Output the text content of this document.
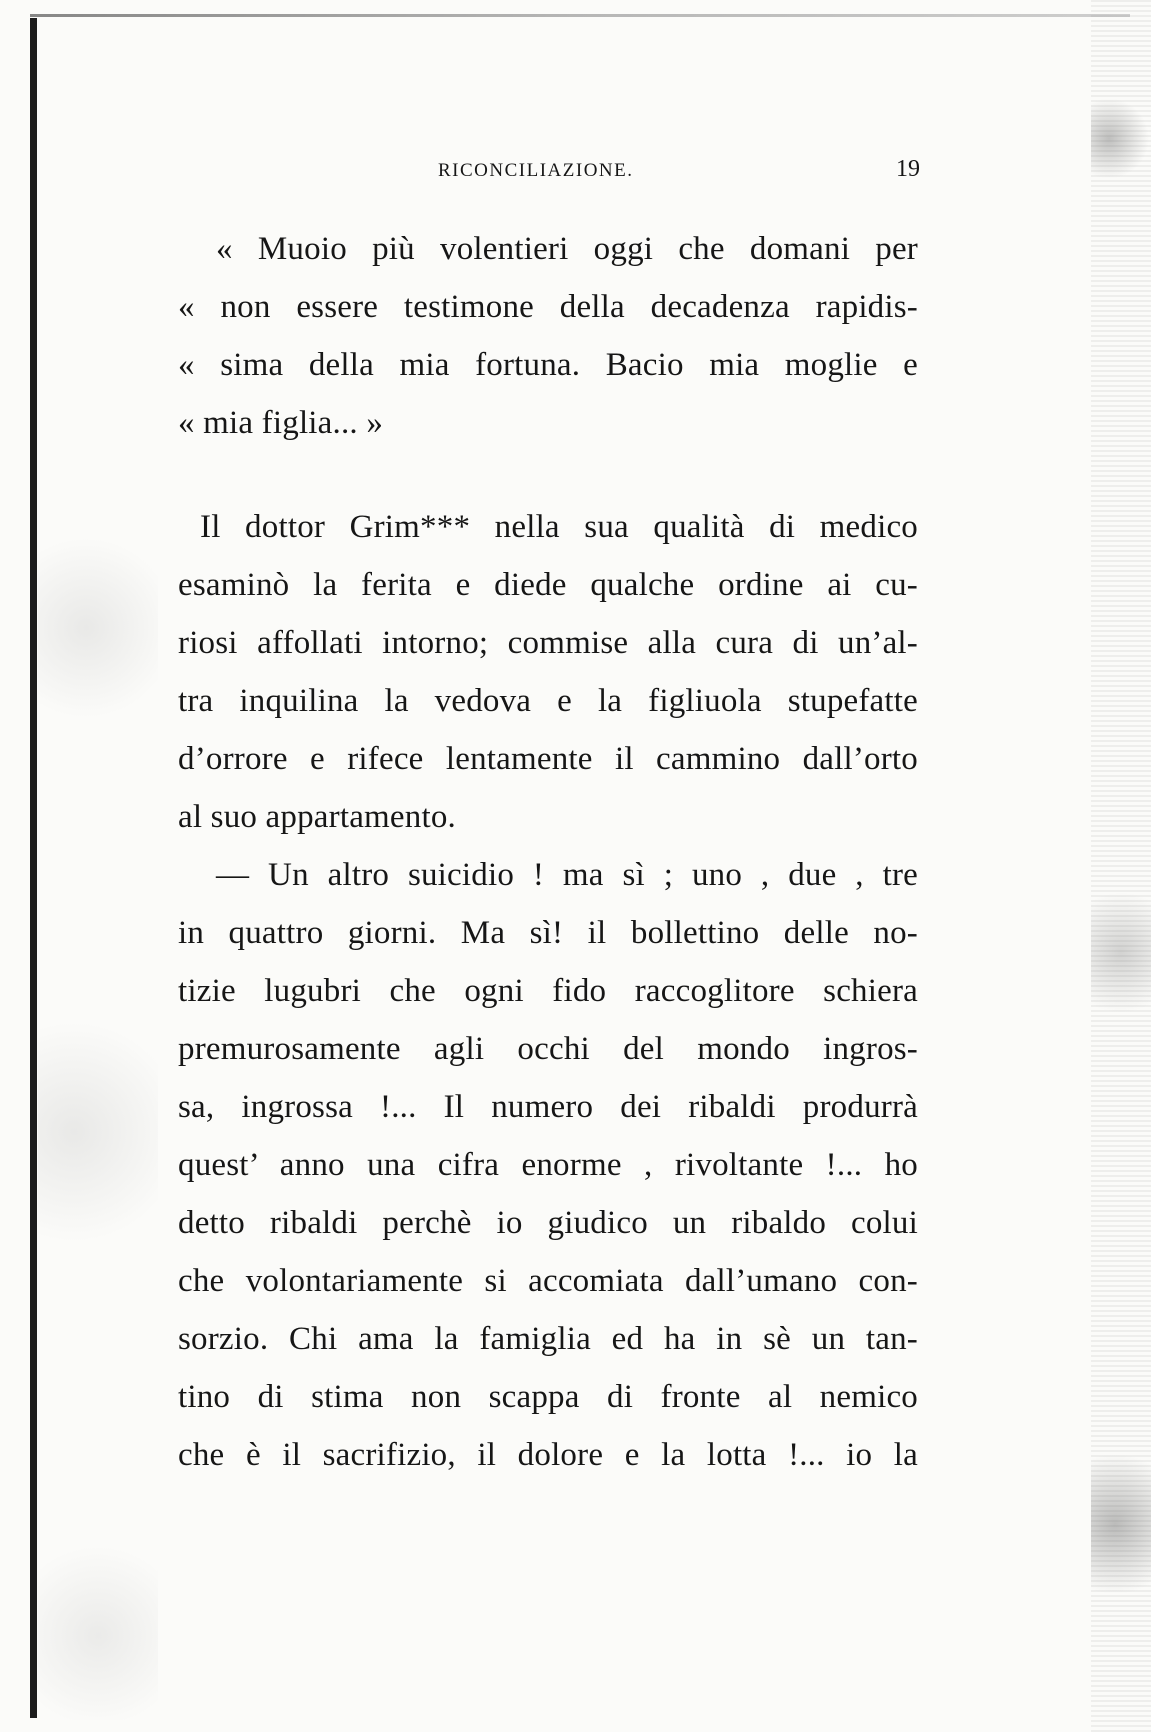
RICONCILIAZIONE.	19
« Muoio più volentieri oggi che domani per
« non essere testimone della decadenza rapidis-
« sima della mia fortuna. Bacio mia moglie e
« mia figlia... »
Il dottor Grim*** nella sua qualità di medico
esaminò la ferita e diede qualche ordine ai cu-
riosi affollati intorno; commise alla cura di un’al-
tra inquilina la vedova e la figliuola stupefatte
d’orrore e rifece lentamente il cammino dall’orto
al suo appartamento.
— Un altro suicidio ! ma sì ; uno , due , tre
in quattro giorni. Ma sì! il bollettino delle no-
tizie lugubri che ogni fido raccoglitore schiera
premurosamente agli occhi del mondo ingros-
sa, ingrossa !... Il numero dei ribaldi produrrà
quest’ anno una cifra enorme , rivoltante !... ho
detto ribaldi perchè io giudico un ribaldo colui
che volontariamente si accomiata dall’umano con-
sorzio. Chi ama la famiglia ed ha in sè un tan-
tino di stima non scappa di fronte al nemico
che è il sacrifizio, il dolore e la lotta !... io la
